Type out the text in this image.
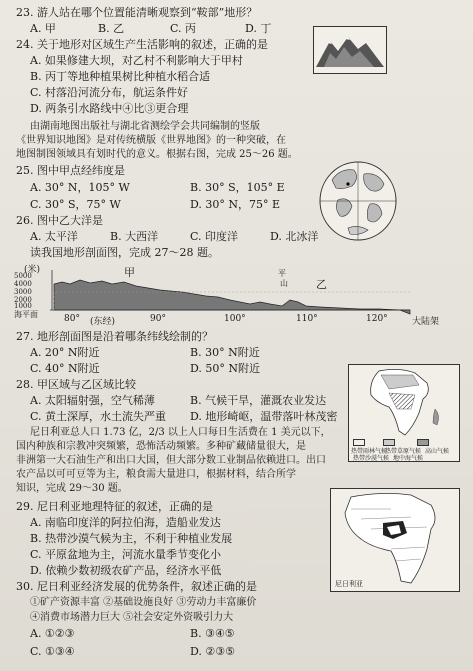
23. 游人站在哪个位置能清晰观察到“鞍部”地形？
A. 甲	B. 乙	C. 丙	D. 丁
24. 关于地形对区域生产生活影响的叙述，正确的是
A. 如果修建大坝，对乙村不利影响大于甲村
B. 丙丁等地种植果树比种植水稻合适
C. 村落沿河流分布，航运条件好
D. 两条引水路线中④比③更合理
由湖南地图出版社与湖北省测绘学会共同编制的竖版
《世界知识地图》是对传统横版《世界地图》的一种突破，在
地图制图领域具有划时代的意义。根据右图，完成 25～26 题。
25. 图中甲点经纬度是
A. 30° N，105° W	B. 30° S，105° E
C. 30° S，75° W	D. 30° N，75° E
26. 图中乙大洋是
A. 太平洋	B. 大西洋	C. 印度洋	D. 北冰洋
读我国地形剖面图，完成 27～28 题。
(米)
5000
4000
3000
2000
1000
海平面
甲	平
山	乙
80° (东经)	90°	100°	110°	120°	大陆架
27. 地形剖面图是沿着哪条纬线绘制的？
A. 20° N附近	B. 30° N附近
C. 40° N附近	D. 50° N附近
热带雨林气候
热带草原气候 高山气候
热带沙漠气候 地中海气候
28. 甲区域与乙区域比较
A. 太阳辐射强，空气稀薄	B. 气候干旱，灌溉农业发达
C. 黄土深厚，水土流失严重 D. 地形崎岖，温带落叶林茂密
尼日利亚总人口 1.73 亿，2/3 以上人口每日生活费在 1 美元以下，
国内种族和宗教冲突频繁，恐怖活动频繁。多种矿藏储量很大，是
非洲第一大石油生产和出口大国，但大部分数工业制品依赖进口。出口
农产品以可可豆等为主，粮食需大量进口，根据材料，结合所学
知识，完成 29～30 题。
29. 尼日利亚地理特征的叙述，正确的是
A. 南临印度洋的阿拉伯海，造船业发达
B. 热带沙漠气候为主，不利于种植业发展
C. 平原盆地为主，河流水量季节变化小
D. 依赖少数初级农矿产品，经济水平低
尼日利亚
30. 尼日利亚经济发展的优势条件，叙述正确的是
①矿产资源丰富 ②基础设施良好 ③劳动力丰富廉价
④消费市场潜力巨大 ⑤社会安定外资吸引力大
A. ①②③	B. ③④⑤
C. ①③④	D. ②③⑤
